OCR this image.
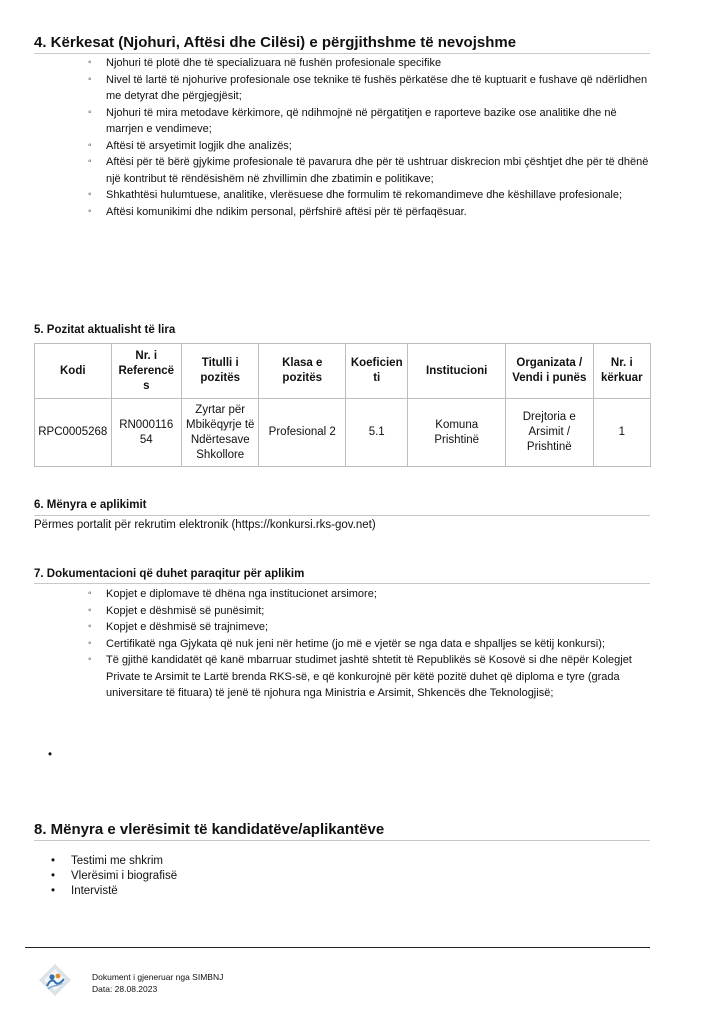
4. Kërkesat (Njohuri, Aftësi dhe Cilësi) e përgjithshme të nevojshme
◦ Njohuri të plotë dhe të specializuara në fushën profesionale specifike
◦ Nivel të lartë të njohurive profesionale ose teknike të fushës përkatëse dhe të kuptuarit e fushave që ndërlidhen me detyrat dhe përgjegjësit;
◦ Njohuri të mira metodave kërkimore, që ndihmojnë në përgatitjen e raporteve bazike ose analitike dhe në marrjen e vendimeve;
◦ Aftësi të arsyetimit logjik dhe analizës;
◦ Aftësi për të bërë gjykime profesionale të pavarura dhe për të ushtruar diskrecion mbi çështjet dhe për të dhënë një kontribut të rëndësishëm në zhvillimin dhe zbatimin e politikave;
◦ Shkathtësi hulumtuese, analitike, vlerësuese dhe formulim të rekomandimeve dhe këshillave profesionale;
◦ Aftësi komunikimi dhe ndikim personal, përfshirë aftësi për të përfaqësuar.
5. Pozitat aktualisht të lira
Kodi	Nr. i Referencë s	Titulli i pozitës	Klasa e pozitës	Koeficien ti	Institucioni	Organizata / Vendi i punës	Nr. i kërkuar
RPC0005268	RN000116 54	Zyrtar për Mbikëqyrje të Ndërtesave Shkollore	Profesional 2	5.1	Komuna Prishtinë	Drejtoria e Arsimit / Prishtinë	1
6. Mënyra e aplikimit
Përmes portalit për rekrutim elektronik (https://konkursi.rks-gov.net)
7. Dokumentacioni që duhet paraqitur për aplikim
◦ Kopjet e diplomave të dhëna nga institucionet arsimore;
◦ Kopjet e dëshmisë së punësimit;
◦ Kopjet e dëshmisë së trajnimeve;
◦ Certifikatë nga Gjykata që nuk jeni nër hetime (jo më e vjetër se nga data e shpalljes se këtij konkursi);
◦ Të gjithë kandidatët që kanë mbarruar studimet jashtë shtetit të Republikës së Kosovë si dhe nëpër Kolegjet Private te Arsimit te Lartë brenda RKS-së, e që konkurojnë për këtë pozitë duhet që diploma e tyre (grada universitare të fituara) të jenë të njohura nga Ministria e Arsimit, Shkencës dhe Teknologjisë;
•
8. Mënyra e vlerësimit të kandidatëve/aplikantëve
• Testimi me shkrim
• Vlerësimi i biografisë
• Intervistë
Dokument i gjeneruar nga SIMBNJ
Data: 28.08.2023
